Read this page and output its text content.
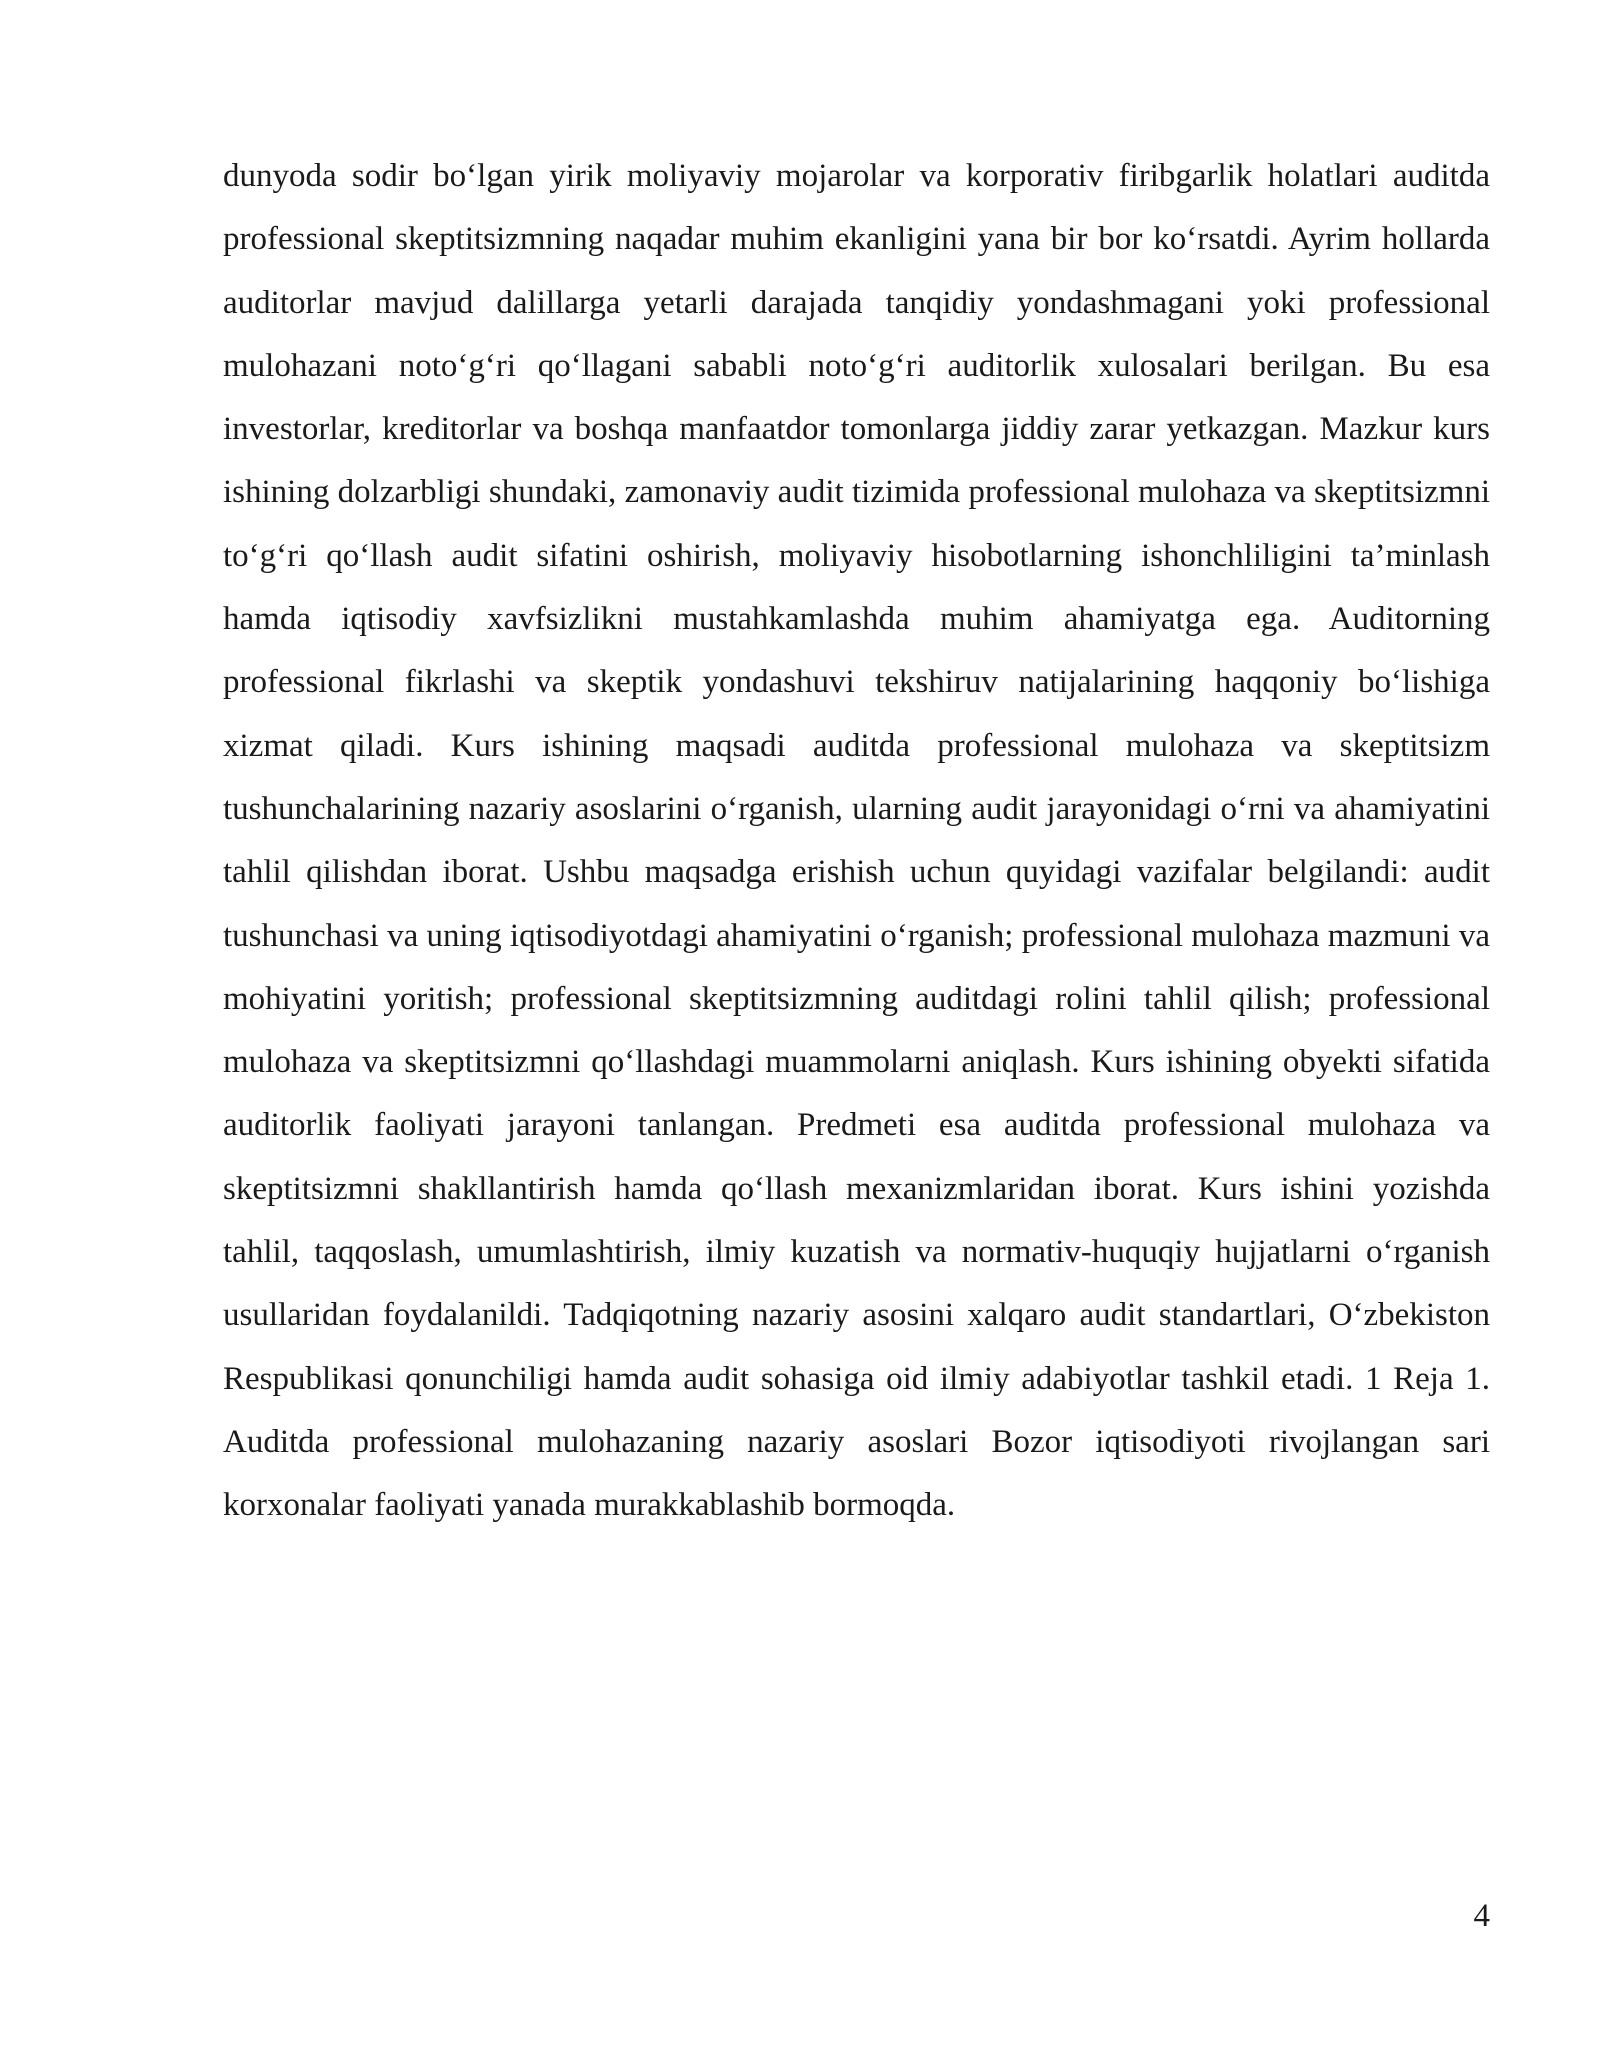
dunyoda sodir bo‘lgan yirik moliyaviy mojarolar va korporativ firibgarlik holatlari auditda professional skeptitsizmning naqadar muhim ekanligini yana bir bor ko‘rsatdi. Ayrim hollarda auditorlar mavjud dalillarga yetarli darajada tanqidiy yondashmagani yoki professional mulohazani noto‘g‘ri qo‘llagani sababli noto‘g‘ri auditorlik xulosalari berilgan. Bu esa investorlar, kreditorlar va boshqa manfaatdor tomonlarga jiddiy zarar yetkazgan. Mazkur kurs ishining dolzarbligi shundaki, zamonaviy audit tizimida professional mulohaza va skeptitsizmni to‘g‘ri qo‘llash audit sifatini oshirish, moliyaviy hisobotlarning ishonchliligini ta’minlash hamda iqtisodiy xavfsizlikni mustahkamlashda muhim ahamiyatga ega. Auditorning professional fikrlashi va skeptik yondashuvi tekshiruv natijalarining haqqoniy bo‘lishiga xizmat qiladi. Kurs ishining maqsadi auditda professional mulohaza va skeptitsizm tushunchalarining nazariy asoslarini o‘rganish, ularning audit jarayonidagi o‘rni va ahamiyatini tahlil qilishdan iborat. Ushbu maqsadga erishish uchun quyidagi vazifalar belgilandi: audit tushunchasi va uning iqtisodiyotdagi ahamiyatini o‘rganish; professional mulohaza mazmuni va mohiyatini yoritish; professional skeptitsizmning auditdagi rolini tahlil qilish; professional mulohaza va skeptitsizmni qo‘llashdagi muammolarni aniqlash. Kurs ishining obyekti sifatida auditorlik faoliyati jarayoni tanlangan. Predmeti esa auditda professional mulohaza va skeptitsizmni shakllantirish hamda qo‘llash mexanizmlaridan iborat. Kurs ishini yozishda tahlil, taqqoslash, umumlashtirish, ilmiy kuzatish va normativ-huquqiy hujjatlarni o‘rganish usullaridan foydalanildi. Tadqiqotning nazariy asosini xalqaro audit standartlari, O‘zbekiston Respublikasi qonunchiligi hamda audit sohasiga oid ilmiy adabiyotlar tashkil etadi. 1 Reja 1. Auditda professional mulohazaning nazariy asoslari Bozor iqtisodiyoti rivojlangan sari korxonalar faoliyati yanada murakkablashib bormoqda.

4
